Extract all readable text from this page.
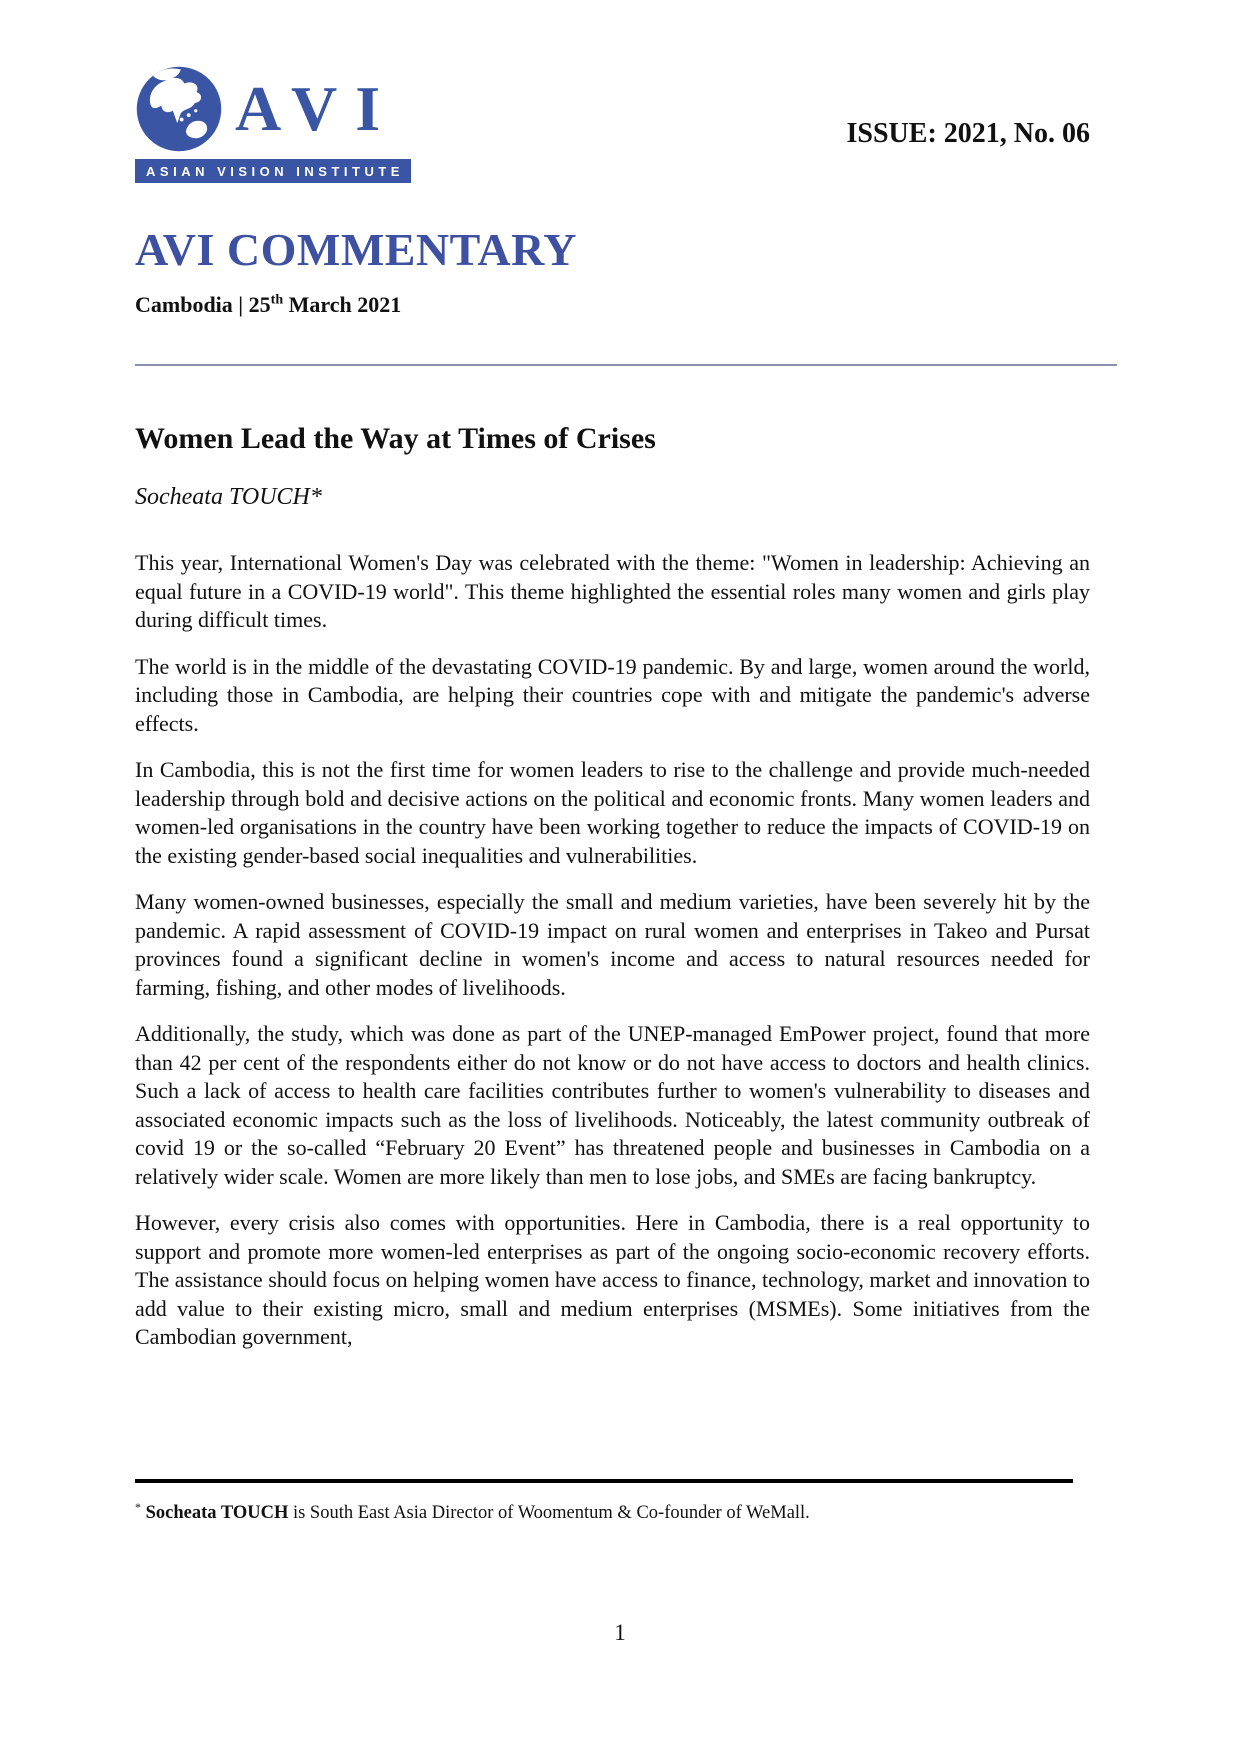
AVI
ASIAN VISION INSTITUTE
ISSUE: 2021, No. 06
AVI COMMENTARY
Cambodia | 25th March 2021
Women Lead the Way at Times of Crises
Socheata TOUCH*

This year, International Women's Day was celebrated with the theme: "Women in leadership: Achieving an equal future in a COVID-19 world". This theme highlighted the essential roles many women and girls play during difficult times.

The world is in the middle of the devastating COVID-19 pandemic. By and large, women around the world, including those in Cambodia, are helping their countries cope with and mitigate the pandemic's adverse effects.

In Cambodia, this is not the first time for women leaders to rise to the challenge and provide much-needed leadership through bold and decisive actions on the political and economic fronts. Many women leaders and women-led organisations in the country have been working together to reduce the impacts of COVID-19 on the existing gender-based social inequalities and vulnerabilities.

Many women-owned businesses, especially the small and medium varieties, have been severely hit by the pandemic. A rapid assessment of COVID-19 impact on rural women and enterprises in Takeo and Pursat provinces found a significant decline in women's income and access to natural resources needed for farming, fishing, and other modes of livelihoods.

Additionally, the study, which was done as part of the UNEP-managed EmPower project, found that more than 42 per cent of the respondents either do not know or do not have access to doctors and health clinics. Such a lack of access to health care facilities contributes further to women's vulnerability to diseases and associated economic impacts such as the loss of livelihoods. Noticeably, the latest community outbreak of covid 19 or the so-called “February 20 Event” has threatened people and businesses in Cambodia on a relatively wider scale. Women are more likely than men to lose jobs, and SMEs are facing bankruptcy.

However, every crisis also comes with opportunities. Here in Cambodia, there is a real opportunity to support and promote more women-led enterprises as part of the ongoing socio-economic recovery efforts. The assistance should focus on helping women have access to finance, technology, market and innovation to add value to their existing micro, small and medium enterprises (MSMEs). Some initiatives from the Cambodian government,

* Socheata TOUCH is South East Asia Director of Woomentum & Co-founder of WeMall.
1
